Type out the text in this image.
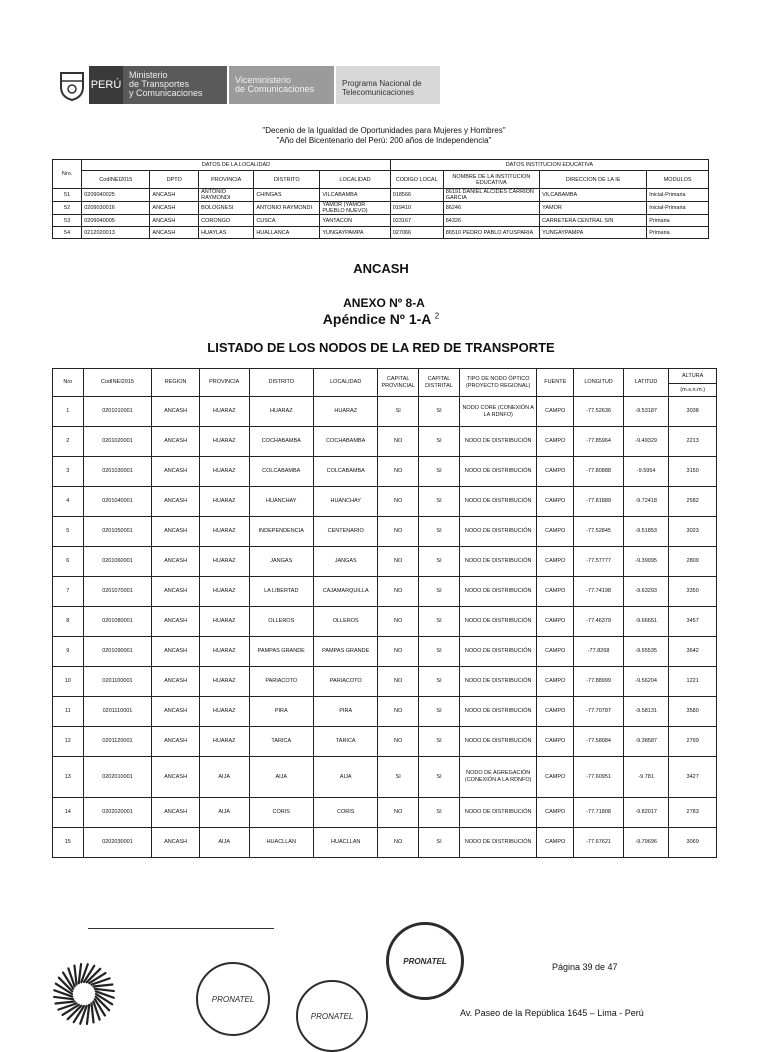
PERÚ
Ministerio
de Transportes
y Comunicaciones
Viceministerio
de Comunicaciones
Programa Nacional de
Telecomunicaciones
"Decenio de la Igualdad de Oportunidades para Mujeres y Hombres"
"Año del Bicentenario del Perú: 200 años de Independencia"
Nro.	DATOS DE LA LOCALIDAD					DATOS INSTITUCION EDUCATIVA			
	CodINEI2015	DPTO	PROVINCIA	DISTRITO	LOCALIDAD	CODIGO LOCAL	NOMBRE DE LA INSTITUCION EDUCATIVA	DIRECCION DE LA IE	MODULOS
51	0209040025	ANCASH	ANTONIO RAYMONDI	CHINGAS	VILCABAMBA	018566	86191 DANIEL ALCIDES CARRION GARCIA	VILCABAMBA	Inicial-Primaria
52	0209030016	ANCASH	BOLOGNESI	ANTONIO RAYMONDI	YAMOR (YAMOR PUEBLO NUEVO)	019410	86246	YAMOR	Inicial-Primaria
53	0209040005	ANCASH	CORONGO	CUSCA	YANTACON	023167	84326	CARRETERA CENTRAL S/N	Primaria
54	0212020013	ANCASH	HUAYLAS	HUALLANCA	YUNGAYPAMPA	027066	86510 PEDRO PABLO ATUSPARIA	YUNGAYPAMPA	Primaria
ANCASH
ANEXO Nº 8-A
Apéndice Nº 1-A $^2$
LISTADO DE LOS NODOS DE LA RED DE TRANSPORTE
Nro	CodINEI2015	REGION	PROVINCIA	DISTRITO	LOCALIDAD	CAPITAL PROVINCIAL	CAPITAL DISTRITAL	TIPO DE NODO ÓPTICO (PROYECTO REGIONAL)	FUENTE	LONGITUD	LATITUD	ALTURA
												(m.s.n.m.)
1	0201010001	ANCASH	HUARAZ	HUARAZ	HUARAZ	SI	SI	NODO CORE (CONEXIÓN A LA RDNFO)	CAMPO	-77.52636	-9.53187	3038
2	0201020001	ANCASH	HUARAZ	COCHABAMBA	COCHABAMBA	NO	SI	NODO DE DISTRIBUCIÓN	CAMPO	-77.85964	-9.49329	2213
3	0201030001	ANCASH	HUARAZ	COLCABAMBA	COLCABAMBA	NO	SI	NODO DE DISTRIBUCIÓN	CAMPO	-77.80888	-9.5954	3150
4	0201040001	ANCASH	HUARAZ	HUANCHAY	HUANCHAY	NO	SI	NODO DE DISTRIBUCIÓN	CAMPO	-77.81889	-9.72418	2582
5	0201050001	ANCASH	HUARAZ	INDEPENDENCIA	CENTENARIO	NO	SI	NODO DE DISTRIBUCIÓN	CAMPO	-77.52845	-9.51853	3023
6	0201060001	ANCASH	HUARAZ	JANGAS	JANGAS	NO	SI	NODO DE DISTRIBUCIÓN	CAMPO	-77.57777	-9.39095	2809
7	0201070001	ANCASH	HUARAZ	LA LIBERTAD	CAJAMARQUILLA	NO	SI	NODO DE DISTRIBUCIÓN	CAMPO	-77.74198	-9.63293	3350
8	0201080001	ANCASH	HUARAZ	OLLEROS	OLLEROS	NO	SI	NODO DE DISTRIBUCIÓN	CAMPO	-77.46379	-9.66651	3457
9	0201090001	ANCASH	HUARAZ	PAMPAS GRANDE	PAMPAS GRANDE	NO	SI	NODO DE DISTRIBUCIÓN	CAMPO	-77.8268	-9.65535	3642
10	0201100001	ANCASH	HUARAZ	PARIACOTO	PARIACOTO	NO	SI	NODO DE DISTRIBUCIÓN	CAMPO	-77.88999	-9.56204	1221
11	0201110001	ANCASH	HUARAZ	PIRA	PIRA	NO	SI	NODO DE DISTRIBUCIÓN	CAMPO	-77.70787	-9.58131	3580
12	0201120001	ANCASH	HUARAZ	TARICA	TARICA	NO	SI	NODO DE DISTRIBUCIÓN	CAMPO	-77.58084	-9.38587	2799
13	0202010001	ANCASH	AIJA	AIJA	AIJA	SI	SI	NODO DE AGREGACIÓN (CONEXIÓN A LA RDNFO)	CAMPO	-77.60951	-9.781	3427
14	0202020001	ANCASH	AIJA	CORIS	CORIS	NO	SI	NODO DE DISTRIBUCIÓN	CAMPO	-77.71808	-9.82017	2783
15	0202030001	ANCASH	AIJA	HUACLLAN	HUACLLAN	NO	SI	NODO DE DISTRIBUCIÓN	CAMPO	-77.67621	-9.79696	3069
PRONATEL
PRONATEL
PRONATEL
Página 39 de 47
Av. Paseo de la República 1645 – Lima - Perú
